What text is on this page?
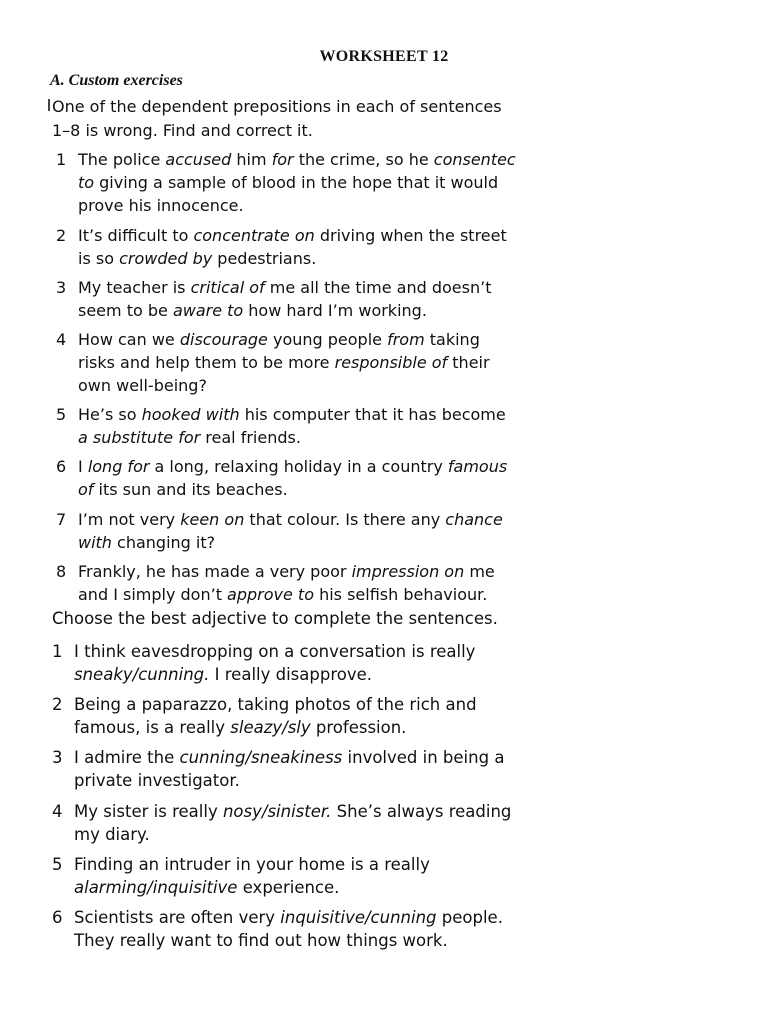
WORKSHEET 12
A. Custom exercises
One of the dependent prepositions in each of sentences
1–8 is wrong. Find and correct it.
1 The police accused him for the crime, so he consentec
to giving a sample of blood in the hope that it would
prove his innocence.
2 It’s difficult to concentrate on driving when the street
is so crowded by pedestrians.
3 My teacher is critical of me all the time and doesn’t
seem to be aware to how hard I’m working.
4 How can we discourage young people from taking
risks and help them to be more responsible of their
own well-being?
5 He’s so hooked with his computer that it has become
a substitute for real friends.
6 I long for a long, relaxing holiday in a country famous
of its sun and its beaches.
7 I’m not very keen on that colour. Is there any chance
with changing it?
8 Frankly, he has made a very poor impression on me
and I simply don’t approve to his selfish behaviour.
Choose the best adjective to complete the sentences.
1 I think eavesdropping on a conversation is really
sneaky/cunning. I really disapprove.
2 Being a paparazzo, taking photos of the rich and
famous, is a really sleazy/sly profession.
3 I admire the cunning/sneakiness involved in being a
private investigator.
4 My sister is really nosy/sinister. She’s always reading
my diary.
5 Finding an intruder in your home is a really
alarming/inquisitive experience.
6 Scientists are often very inquisitive/cunning people.
They really want to find out how things work.
